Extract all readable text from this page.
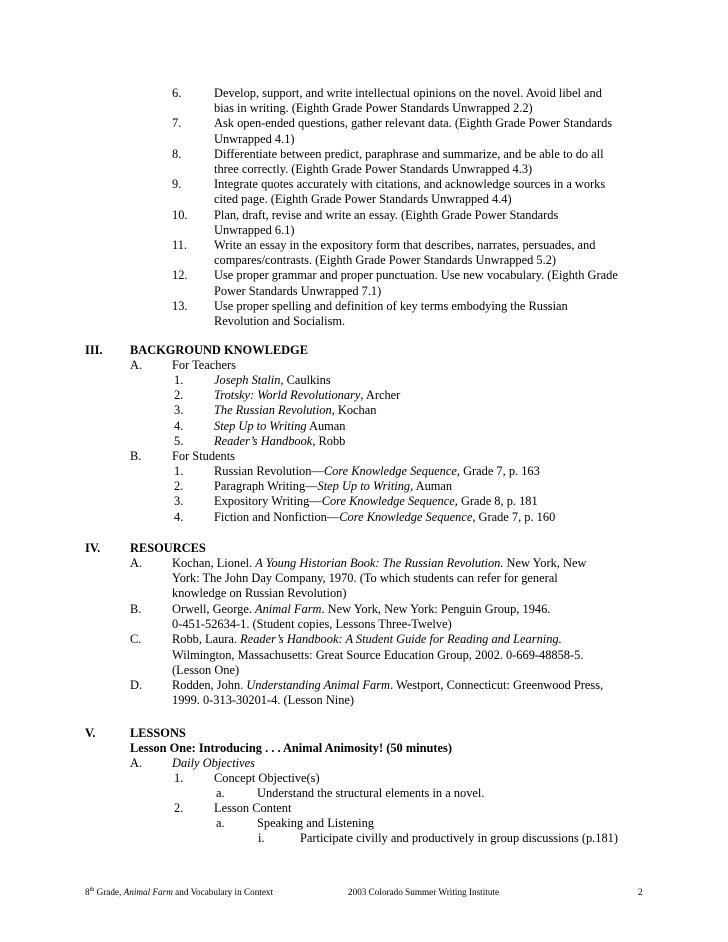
6.	Develop, support, and write intellectual opinions on the novel. Avoid libel and
bias in writing. (Eighth Grade Power Standards Unwrapped 2.2)
7.	Ask open-ended questions, gather relevant data. (Eighth Grade Power Standards
Unwrapped 4.1)
8.	Differentiate between predict, paraphrase and summarize, and be able to do all
three correctly. (Eighth Grade Power Standards Unwrapped 4.3)
9.	Integrate quotes accurately with citations, and acknowledge sources in a works
cited page. (Eighth Grade Power Standards Unwrapped 4.4)
10. Plan, draft, revise and write an essay. (Eighth Grade Power Standards
Unwrapped 6.1)
11. Write an essay in the expository form that describes, narrates, persuades, and
compares/contrasts. (Eighth Grade Power Standards Unwrapped 5.2)
12. Use proper grammar and proper punctuation. Use new vocabulary. (Eighth Grade
Power Standards Unwrapped 7.1)
13. Use proper spelling and definition of key terms embodying the Russian
Revolution and Socialism.
III. BACKGROUND KNOWLEDGE
A. For Teachers
1. Joseph Stalin, Caulkins
2. Trotsky: World Revolutionary, Archer
3. The Russian Revolution, Kochan
4. Step Up to Writing Auman
5. Reader’s Handbook, Robb
B. For Students
1. Russian Revolution—Core Knowledge Sequence, Grade 7, p. 163
2. Paragraph Writing—Step Up to Writing, Auman
3. Expository Writing—Core Knowledge Sequence, Grade 8, p. 181
4. Fiction and Nonfiction—Core Knowledge Sequence, Grade 7, p. 160
IV. RESOURCES
A. Kochan, Lionel. A Young Historian Book: The Russian Revolution. New York, New
York: The John Day Company, 1970. (To which students can refer for general
knowledge on Russian Revolution)
B. Orwell, George. Animal Farm. New York, New York: Penguin Group, 1946.
0-451-52634-1. (Student copies, Lessons Three-Twelve)
C. Robb, Laura. Reader’s Handbook: A Student Guide for Reading and Learning.
Wilmington, Massachusetts: Great Source Education Group, 2002. 0-669-48858-5.
(Lesson One)
D. Rodden, John. Understanding Animal Farm. Westport, Connecticut: Greenwood Press,
1999. 0-313-30201-4. (Lesson Nine)
V.	LESSONS
Lesson One: Introducing . . . Animal Animosity! (50 minutes)
A. Daily Objectives
1. Concept Objective(s)
a.	Understand the structural elements in a novel.
2. Lesson Content
a.	Speaking and Listening
i.	Participate civilly and productively in group discussions (p.181)
8th Grade, Animal Farm and Vocabulary in Context	2003 Colorado Summer Writing Institute	2
